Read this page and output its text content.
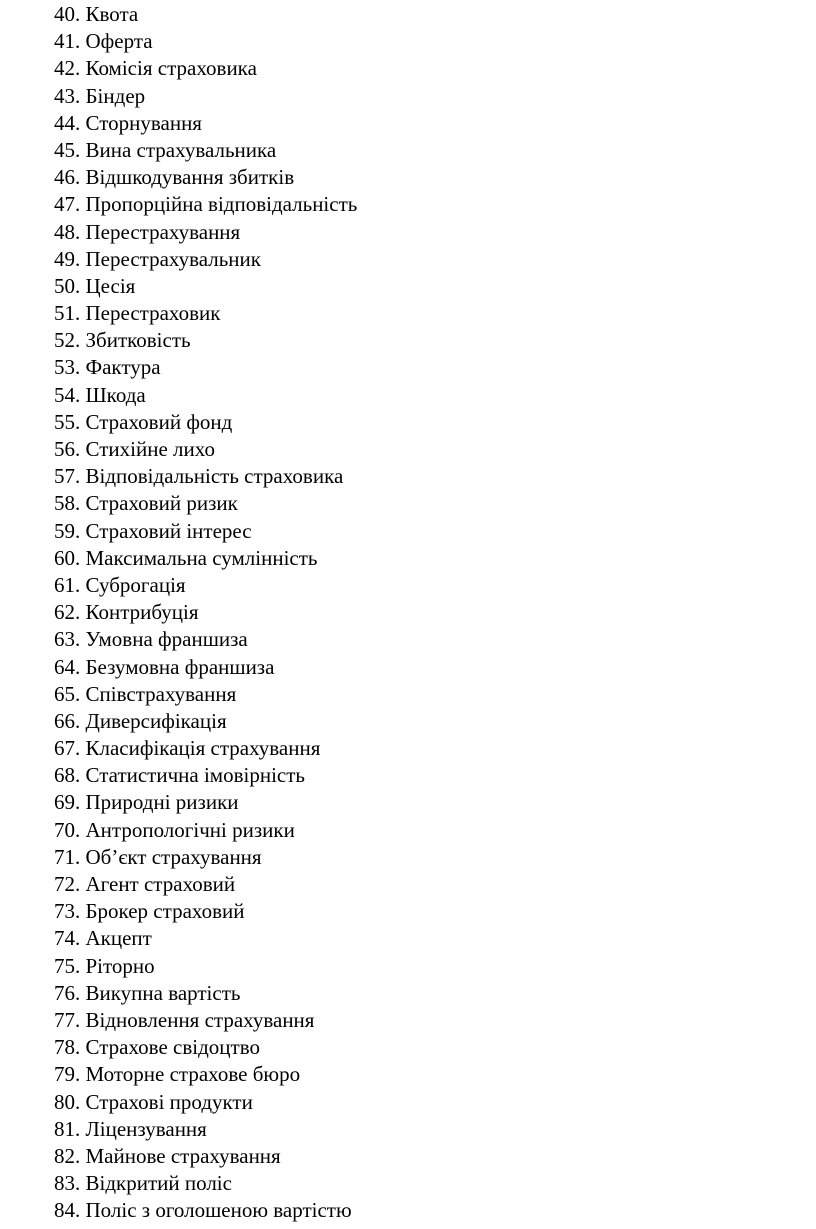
40. Квота
41. Оферта
42. Комісія страховика
43. Біндер
44. Сторнування
45. Вина страхувальника
46. Відшкодування збитків
47. Пропорційна відповідальність
48. Перестрахування
49. Перестрахувальник
50. Цесія
51. Перестраховик
52. Збитковість
53. Фактура
54. Шкода
55. Страховий фонд
56. Стихійне лихо
57. Відповідальність страховика
58. Страховий ризик
59. Страховий інтерес
60. Максимальна сумлінність
61. Суброгація
62. Контрибуція
63. Умовна франшиза
64. Безумовна франшиза
65. Співстрахування
66. Диверсифікація
67. Класифікація страхування
68. Статистична імовірність
69. Природні ризики
70. Антропологічні ризики
71. Об’єкт страхування
72. Агент страховий
73. Брокер страховий
74. Акцепт
75. Ріторно
76. Викупна вартість
77. Відновлення страхування
78. Страхове свідоцтво
79. Моторне страхове бюро
80. Страхові продукти
81. Ліцензування
82. Майнове страхування
83. Відкритий поліс
84. Поліс з оголошеною вартістю
